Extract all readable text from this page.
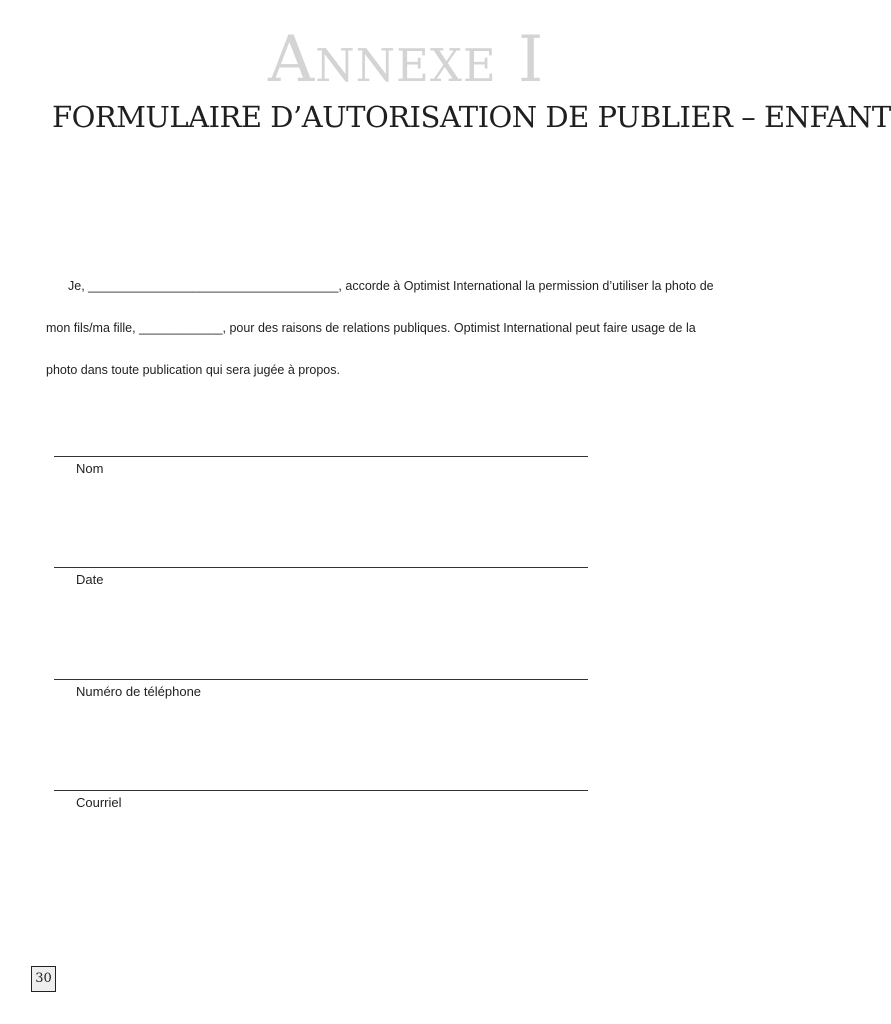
Annexe I
FORMULAIRE D’AUTORISATION DE PUBLIER – ENFANT
Je, ____________________________________, accorde à Optimist International la permission d’utiliser la photo de
mon fils/ma fille, ____________, pour des raisons de relations publiques. Optimist International peut faire usage de la
photo dans toute publication qui sera jugée à propos.
Nom
Date
Numéro de téléphone
Courriel
30
